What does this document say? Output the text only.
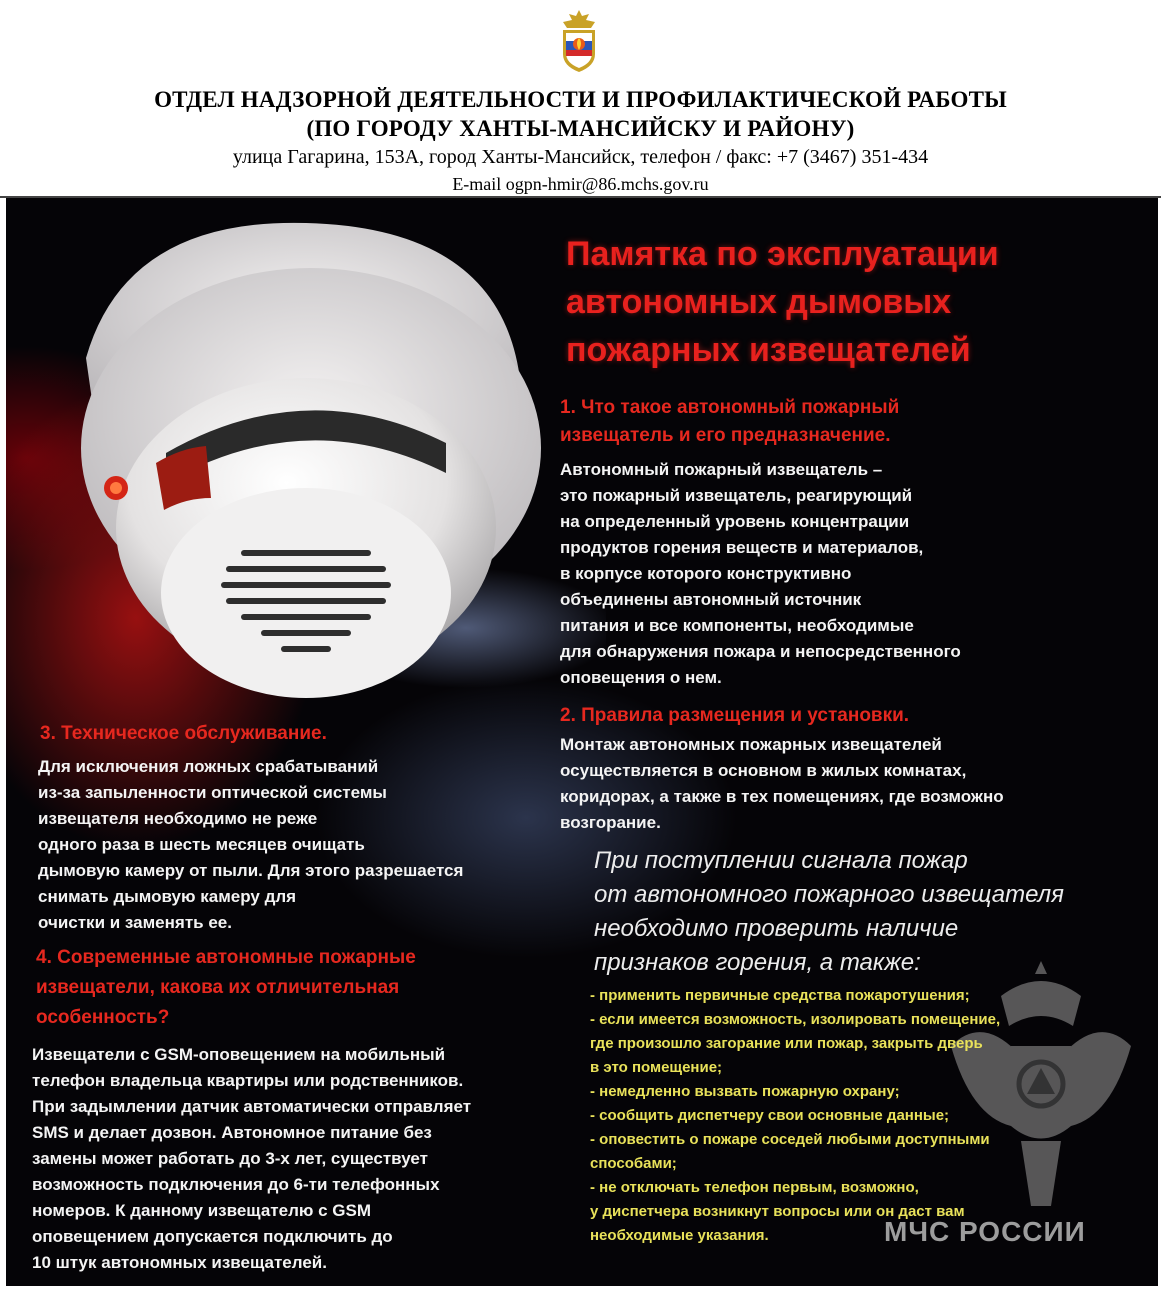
ОТДЕЛ НАДЗОРНОЙ ДЕЯТЕЛЬНОСТИ И ПРОФИЛАКТИЧЕСКОЙ РАБОТЫ
(ПО ГОРОДУ ХАНТЫ-МАНСИЙСКУ И РАЙОНУ)
улица Гагарина, 153А, город Ханты-Мансийск, телефон / факс: +7 (3467) 351-434
E-mail ogpn-hmir@86.mchs.gov.ru
Памятка по эксплуатации
автономных дымовых
пожарных извещателей
1. Что такое автономный пожарный
извещатель и его предназначение.
Автономный пожарный извещатель –
это пожарный извещатель, реагирующий
на определенный уровень концентрации
продуктов горения веществ и материалов,
в корпусе которого конструктивно
объединены автономный источник
питания и все компоненты, необходимые
для обнаружения пожара и непосредственного
оповещения о нем.
2. Правила размещения и установки.
Монтаж автономных пожарных извещателей
осуществляется в основном в жилых комнатах,
коридорах, а также в тех помещениях, где возможно
возгорание.
3. Техническое обслуживание.
Для исключения ложных срабатываний
из-за запыленности оптической системы
извещателя необходимо не реже
одного раза в шесть месяцев очищать
дымовую камеру от пыли. Для этого разрешается
снимать дымовую камеру для
очистки и заменять ее.
4. Современные автономные пожарные
извещатели, какова их отличительная
особенность?
Извещатели с GSM-оповещением на мобильный
телефон владельца квартиры или родственников.
При задымлении датчик автоматически отправляет
SMS и делает дозвон. Автономное питание без
замены может работать до 3-х лет, существует
возможность подключения до 6-ти телефонных
номеров. К данному извещателю с GSM
оповещением допускается подключить до
10 штук автономных извещателей.
При поступлении сигнала пожар
от автономного пожарного извещателя
необходимо проверить наличие
признаков горения, а также:
- применить первичные средства пожаротушения;
- если имеется возможность, изолировать помещение,
где произошло загорание или пожар, закрыть дверь
в это помещение;
- немедленно вызвать пожарную охрану;
- сообщить диспетчеру свои основные данные;
- оповестить о пожаре соседей любыми доступными
способами;
- не отключать телефон первым, возможно,
у диспетчера возникнут вопросы или он даст вам
необходимые указания.	МЧС РОССИИ
